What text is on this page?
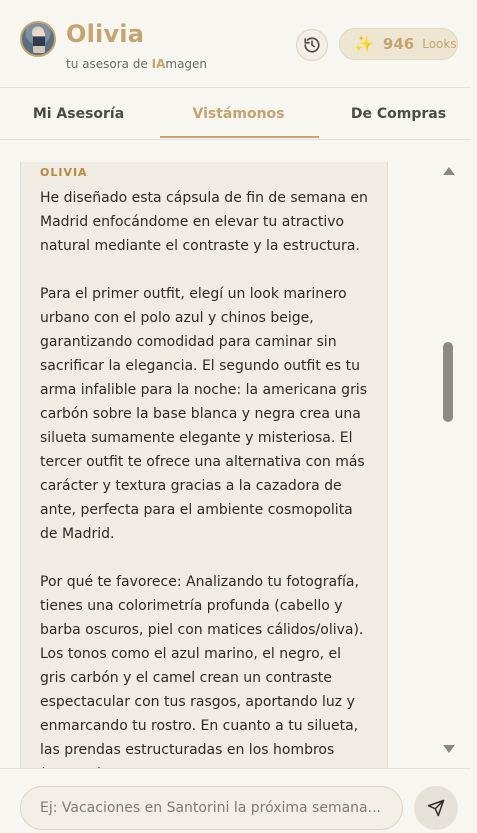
Olivia
tu asesora de IAmagen
✨ 946 Looks
Mi Asesoría	Vistámonos	De Compras
OLIVIA

He diseñado esta cápsula de fin de semana en Madrid enfocándome en elevar tu atractivo natural mediante el contraste y la estructura.

Para el primer outfit, elegí un look marinero urbano con el polo azul y chinos beige, garantizando comodidad para caminar sin sacrificar la elegancia. El segundo outfit es tu arma infalible para la noche: la americana gris carbón sobre la base blanca y negra crea una silueta sumamente elegante y misteriosa. El tercer outfit te ofrece una alternativa con más carácter y textura gracias a la cazadora de ante, perfecta para el ambiente cosmopolita de Madrid.

Por qué te favorece: Analizando tu fotografía, tienes una colorimetría profunda (cabello y barba oscuros, piel con matices cálidos/oliva). Los tonos como el azul marino, el negro, el gris carbón y el camel crean un contraste espectacular con tus rasgos, aportando luz y enmarcando tu rostro. En cuanto a tu silueta, las prendas estructuradas en los hombros

Ej: Vacaciones en Santorini la próxima semana...
